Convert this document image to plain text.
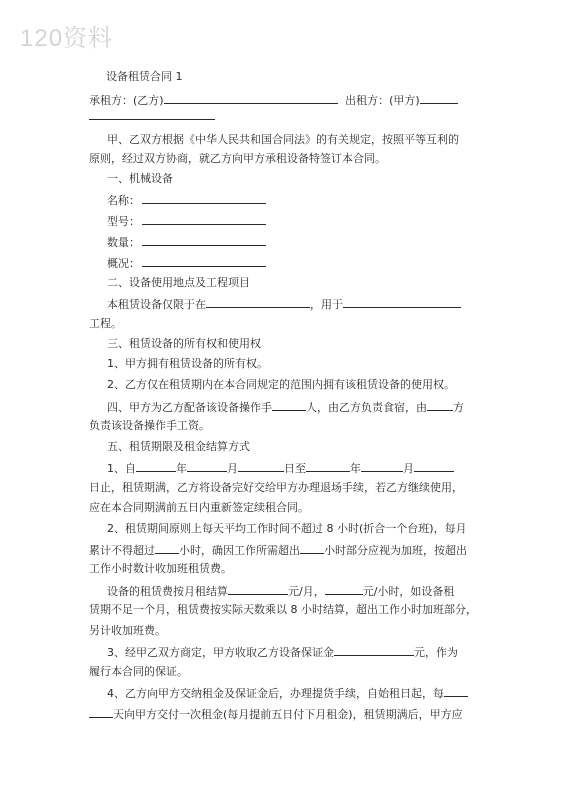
120资料
设备租赁合同 1
承租方：(乙方)	出租方：(甲方)
甲、乙双方根据《中华人民共和国合同法》的有关规定，按照平等互利的
原则，经过双方协商，就乙方向甲方承租设备特签订本合同。
一、机械设备
名称：
型号：
数量：
概况：
二、设备使用地点及工程项目
本租赁设备仅限于在	，用于
工程。
三、租赁设备的所有权和使用权
1、甲方拥有租赁设备的所有权。
2、乙方仅在租赁期内在本合同规定的范围内拥有该租赁设备的使用权。
四、甲方为乙方配备该设备操作手	人，由乙方负责食宿，由 方
负责该设备操作手工资。
五、租赁期限及租金结算方式
1、自	年	月	日至	年	月
日止，租赁期满，乙方将设备完好交给甲方办理退场手续，若乙方继续使用，
应在本合同期满前五日内重新签定续租合同。
2、租赁期间原则上每天平均工作时间不超过 8 小时(折合一个台班)，每月
累计不得超过 小时，确因工作所需超出 小时部分应视为加班，按超出
工作小时数计收加班租赁费。
设备的租赁费按月租结算	元/月，	元/小时，如设备租
赁期不足一个月，租赁费按实际天数乘以 8 小时结算，超出工作小时加班部分，
另计收加班费。
3、经甲乙双方商定，甲方收取乙方设备保证金	元，作为
履行本合同的保证。
4、乙方向甲方交纳租金及保证金后，办理提货手续，自始租日起，每
天向甲方交付一次租金(每月提前五日付下月租金)，租赁期满后，甲方应
